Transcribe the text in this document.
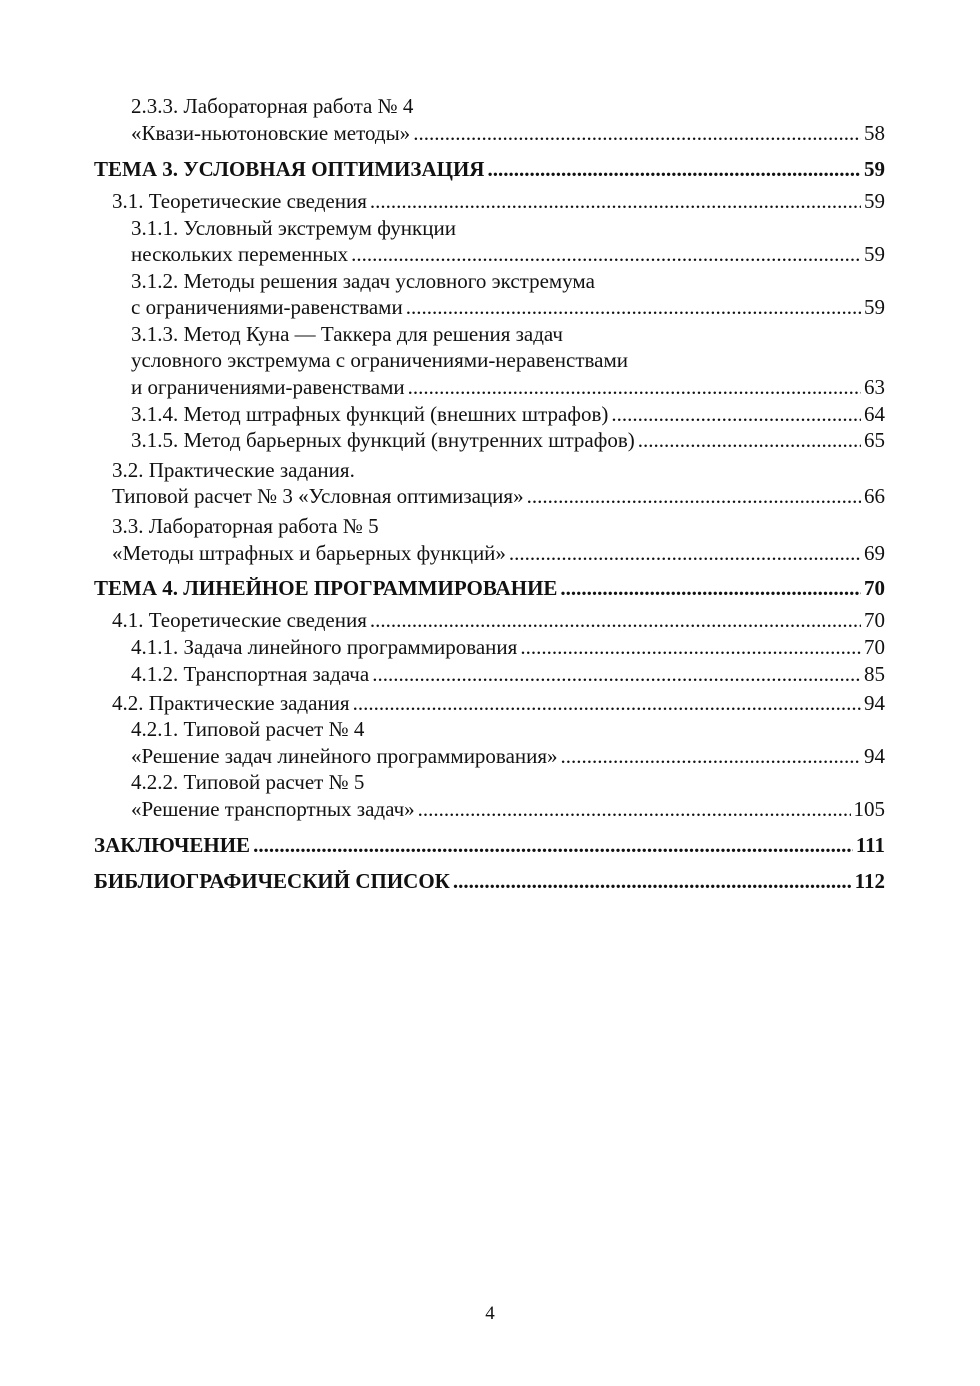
2.3.3. Лабораторная работа № 4
«Квази-ньютоновские методы» .....	58
ТЕМА 3. УСЛОВНАЯ ОПТИМИЗАЦИЯ .....	59
3.1. Теоретические сведения .....	59
3.1.1. Условный экстремум функции
нескольких переменных .....	59
3.1.2. Методы решения задач условного экстремума
с ограничениями-равенствами .....	59
3.1.3. Метод Куна — Таккера для решения задач
условного экстремума с ограничениями-неравенствами
и ограничениями-равенствами .....	63
3.1.4. Метод штрафных функций (внешних штрафов) .....	64
3.1.5. Метод барьерных функций (внутренних штрафов) .....	65
3.2. Практические задания.
Типовой расчет № 3 «Условная оптимизация» .....	66
3.3. Лабораторная работа № 5
«Методы штрафных и барьерных функций» .....	69
ТЕМА 4. ЛИНЕЙНОЕ ПРОГРАММИРОВАНИЕ .....	70
4.1. Теоретические сведения .....	70
4.1.1. Задача линейного программирования .....	70
4.1.2. Транспортная задача .....	85
4.2. Практические задания .....	94
4.2.1. Типовой расчет № 4
«Решение задач линейного программирования» .....	94
4.2.2. Типовой расчет № 5
«Решение транспортных задач» .....	105
ЗАКЛЮЧЕНИЕ .....	111
БИБЛИОГРАФИЧЕСКИЙ СПИСОК .....	112
4
